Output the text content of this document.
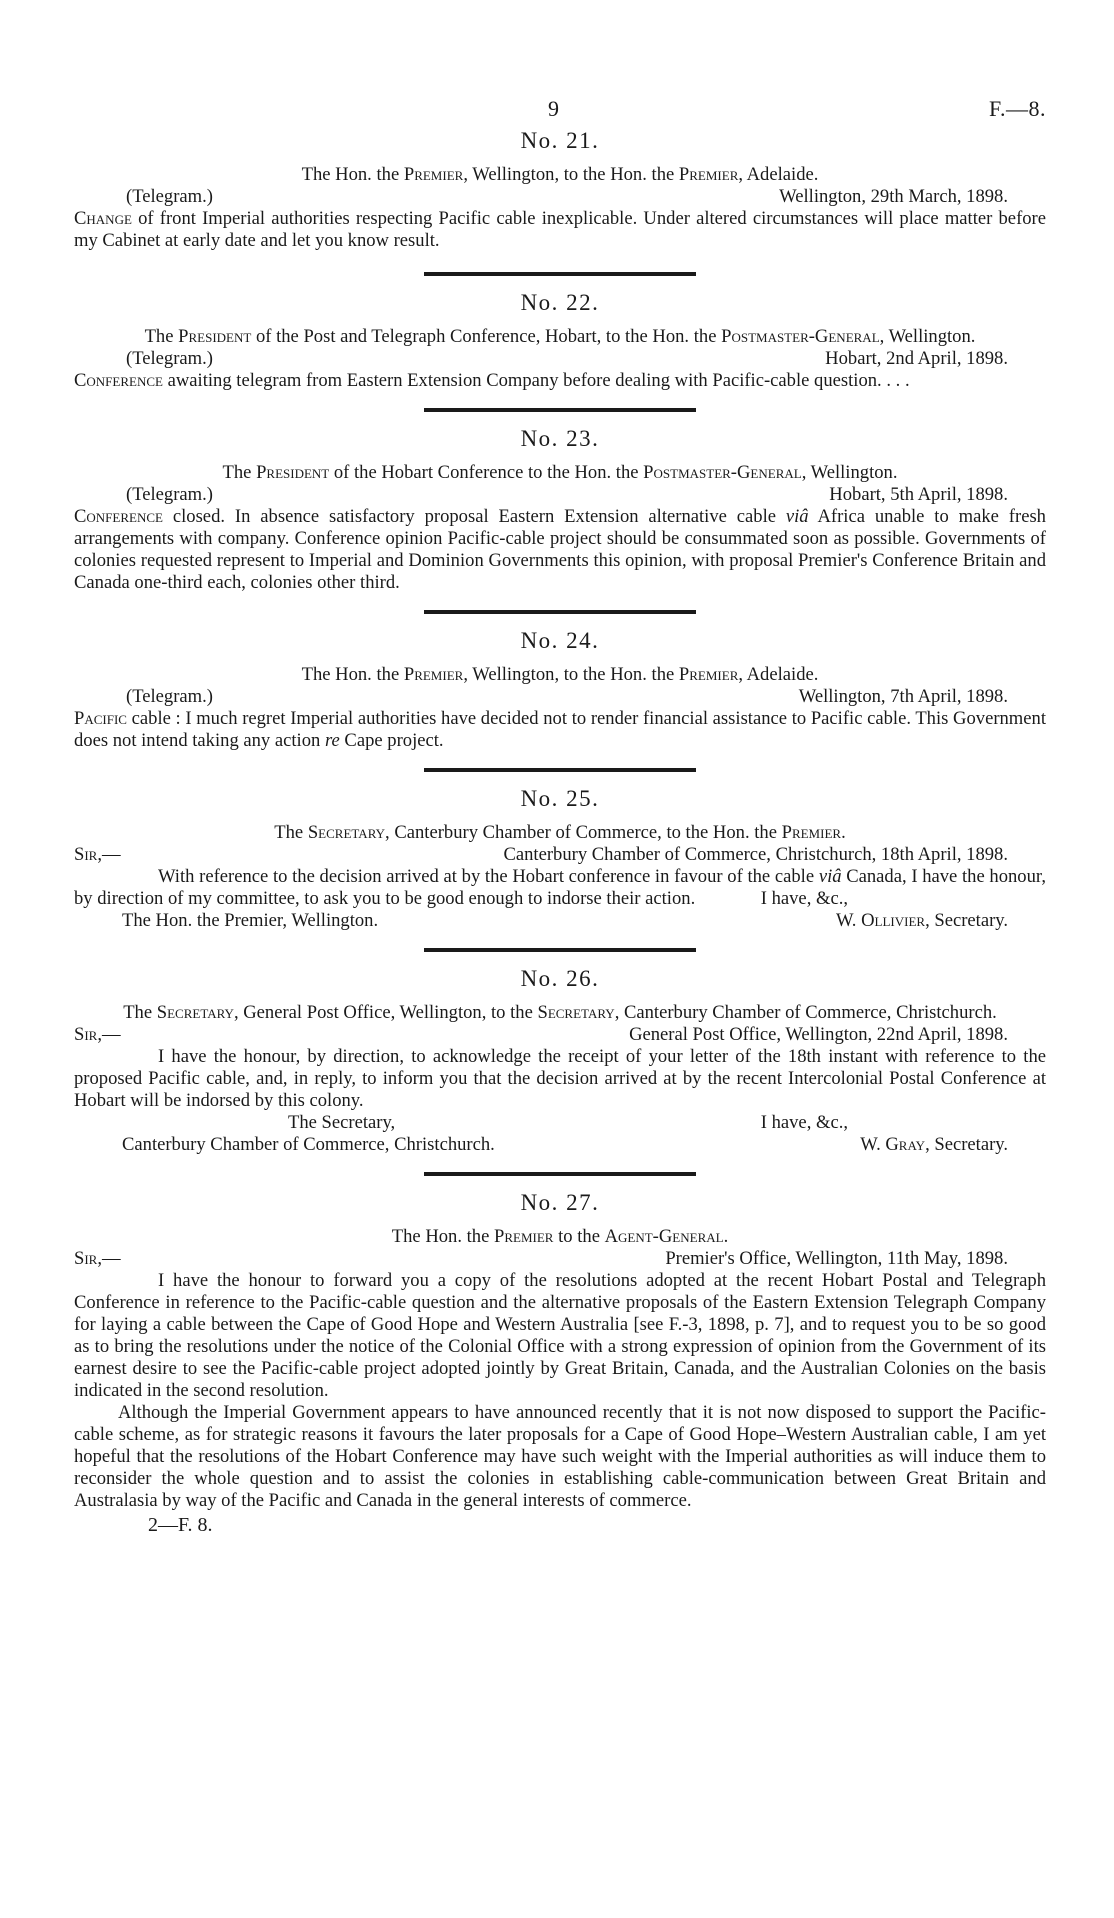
9	F.—8.
No. 21.
The Hon. the Premier, Wellington, to the Hon. the Premier, Adelaide.
(Telegram.)	Wellington, 29th March, 1898.
Change of front Imperial authorities respecting Pacific cable inexplicable. Under altered circumstances will place matter before my Cabinet at early date and let you know result.
No. 22.
The President of the Post and Telegraph Conference, Hobart, to the Hon. the Postmaster-General, Wellington.
(Telegram.)	Hobart, 2nd April, 1898.
Conference awaiting telegram from Eastern Extension Company before dealing with Pacific-cable question. . . .
No. 23.
The President of the Hobart Conference to the Hon. the Postmaster-General, Wellington.
(Telegram.)	Hobart, 5th April, 1898.
Conference closed. In absence satisfactory proposal Eastern Extension alternative cable viâ Africa unable to make fresh arrangements with company. Conference opinion Pacific-cable project should be consummated soon as possible. Governments of colonies requested represent to Imperial and Dominion Governments this opinion, with proposal Premier's Conference Britain and Canada one-third each, colonies other third.
No. 24.
The Hon. the Premier, Wellington, to the Hon. the Premier, Adelaide.
(Telegram.)	Wellington, 7th April, 1898.
Pacific cable : I much regret Imperial authorities have decided not to render financial assistance to Pacific cable. This Government does not intend taking any action re Cape project.
No. 25.
The Secretary, Canterbury Chamber of Commerce, to the Hon. the Premier.
Sir,—	Canterbury Chamber of Commerce, Christchurch, 18th April, 1898.
With reference to the decision arrived at by the Hobart conference in favour of the cable viâ Canada, I have the honour, by direction of my committee, to ask you to be good enough to indorse their action.	I have, &c.,
The Hon. the Premier, Wellington.	W. Ollivier, Secretary.
No. 26.
The Secretary, General Post Office, Wellington, to the Secretary, Canterbury Chamber of Commerce, Christchurch.
Sir,—	General Post Office, Wellington, 22nd April, 1898.
I have the honour, by direction, to acknowledge the receipt of your letter of the 18th instant with reference to the proposed Pacific cable, and, in reply, to inform you that the decision arrived at by the recent Intercolonial Postal Conference at Hobart will be indorsed by this colony.
The Secretary,	I have, &c.,
Canterbury Chamber of Commerce, Christchurch.	W. Gray, Secretary.
No. 27.
The Hon. the Premier to the Agent-General.
Sir,—	Premier's Office, Wellington, 11th May, 1898.
I have the honour to forward you a copy of the resolutions adopted at the recent Hobart Postal and Telegraph Conference in reference to the Pacific-cable question and the alternative proposals of the Eastern Extension Telegraph Company for laying a cable between the Cape of Good Hope and Western Australia [see F.-3, 1898, p. 7], and to request you to be so good as to bring the resolutions under the notice of the Colonial Office with a strong expression of opinion from the Government of its earnest desire to see the Pacific-cable project adopted jointly by Great Britain, Canada, and the Australian Colonies on the basis indicated in the second resolution.
Although the Imperial Government appears to have announced recently that it is not now disposed to support the Pacific-cable scheme, as for strategic reasons it favours the later proposals for a Cape of Good Hope–Western Australian cable, I am yet hopeful that the resolutions of the Hobart Conference may have such weight with the Imperial authorities as will induce them to reconsider the whole question and to assist the colonies in establishing cable-communication between Great Britain and Australasia by way of the Pacific and Canada in the general interests of commerce.
2—F. 8.
